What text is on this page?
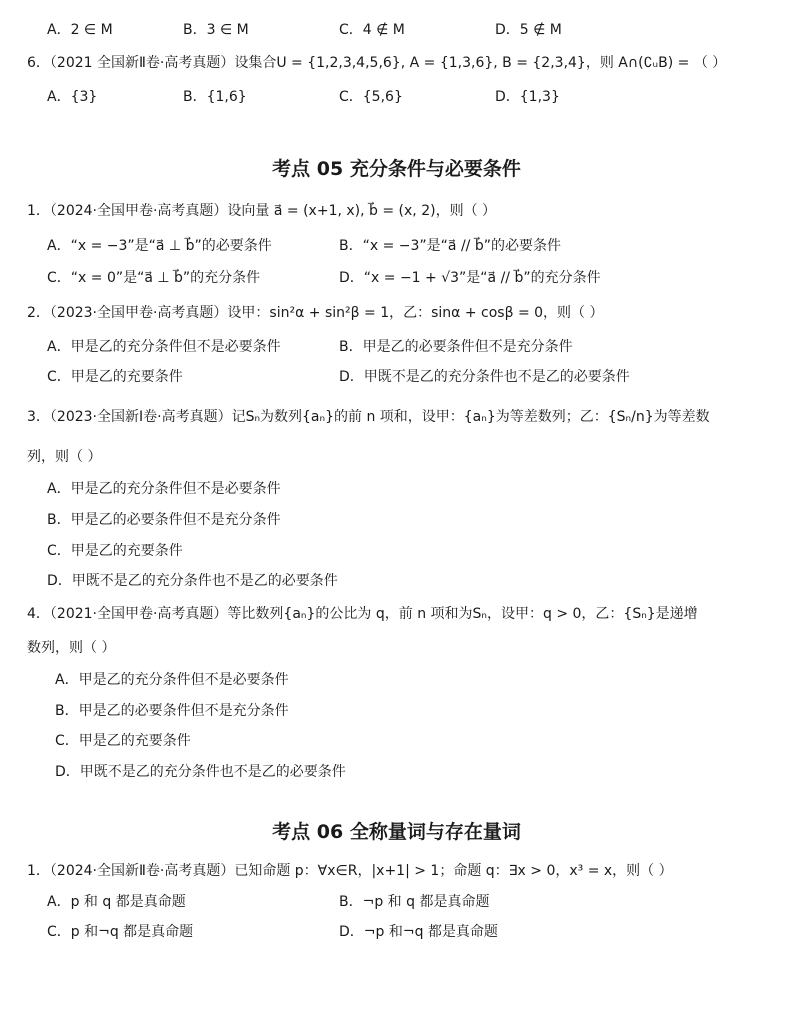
A．2 ∈ M	B．3 ∈ M	C．4 ∉ M	D．5 ∉ M
6．（2021 全国新Ⅱ卷·高考真题）设集合U = {1,2,3,4,5,6}, A = {1,3,6}, B = {2,3,4}，则 A∩(∁ᵤB) = （ ）
A．{3}	B．{1,6}	C．{5,6}	D．{1,3}
考点 05 充分条件与必要条件
1．（2024·全国甲卷·高考真题）设向量 a⃗ = (x+1, x), b⃗ = (x, 2)，则（ ）
A．“x = −3”是“a⃗ ⊥ b⃗”的必要条件	B．“x = −3”是“a⃗ // b⃗”的必要条件
C．“x = 0”是“a⃗ ⊥ b⃗”的充分条件	D．“x = −1 + √3”是“a⃗ // b⃗”的充分条件
2．（2023·全国甲卷·高考真题）设甲：sin²α + sin²β = 1，乙：sinα + cosβ = 0，则（ ）
A．甲是乙的充分条件但不是必要条件	B．甲是乙的必要条件但不是充分条件
C．甲是乙的充要条件	D．甲既不是乙的充分条件也不是乙的必要条件
3．（2023·全国新Ⅰ卷·高考真题）记Sₙ为数列{aₙ}的前 n 项和，设甲：{aₙ}为等差数列；乙：{Sₙ/n}为等差数
列，则（ ）
A．甲是乙的充分条件但不是必要条件
B．甲是乙的必要条件但不是充分条件
C．甲是乙的充要条件
D．甲既不是乙的充分条件也不是乙的必要条件
4．（2021·全国甲卷·高考真题）等比数列{aₙ}的公比为 q，前 n 项和为Sₙ，设甲：q > 0，乙：{Sₙ}是递增
数列，则（ ）
A．甲是乙的充分条件但不是必要条件
B．甲是乙的必要条件但不是充分条件
C．甲是乙的充要条件
D．甲既不是乙的充分条件也不是乙的必要条件
考点 06 全称量词与存在量词
1．（2024·全国新Ⅱ卷·高考真题）已知命题 p：∀x∈R，|x+1| > 1；命题 q：∃x > 0，x³ = x，则（ ）
A．p 和 q 都是真命题	B．¬p 和 q 都是真命题
C．p 和¬q 都是真命题	D．¬p 和¬q 都是真命题
